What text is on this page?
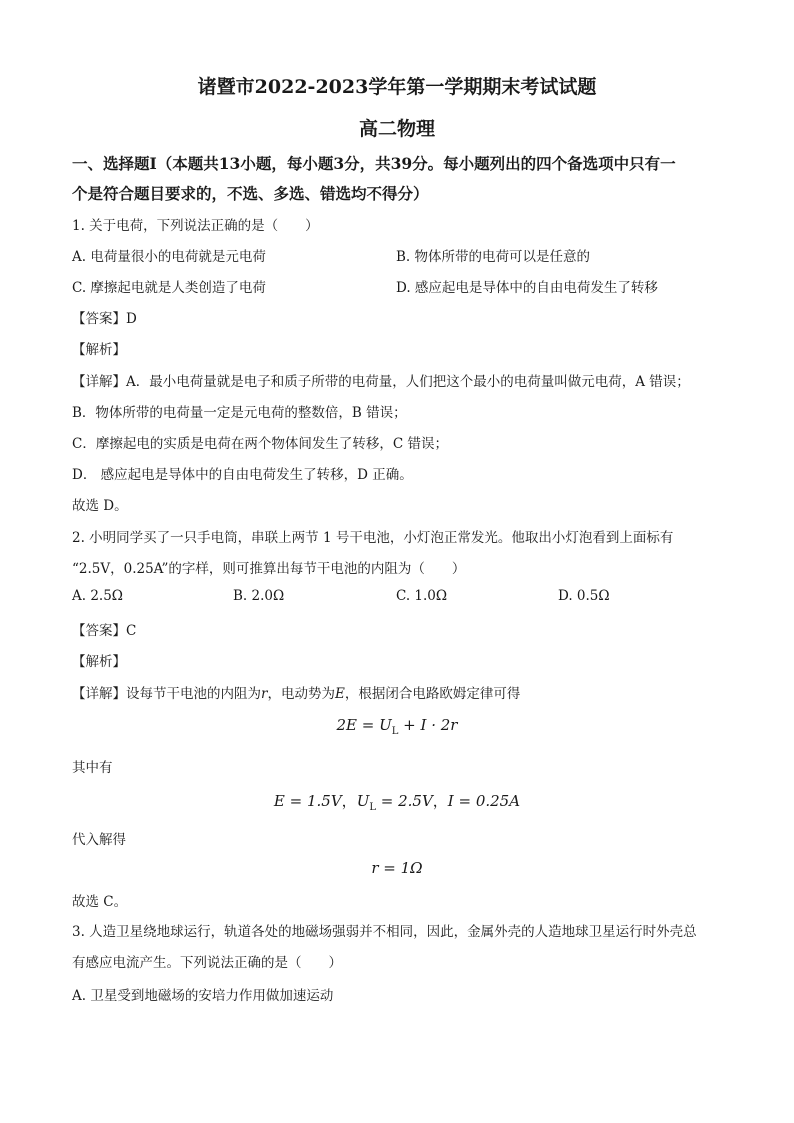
诸暨市2022-2023学年第一学期期末考试试题
高二物理
一、选择题Ⅰ（本题共13小题，每小题3分，共39分。每小题列出的四个备选项中只有一
个是符合题目要求的，不选、多选、错选均不得分）
1. 关于电荷，下列说法正确的是（　　）
A. 电荷量很小的电荷就是元电荷	B. 物体所带的电荷可以是任意的
C. 摩擦起电就是人类创造了电荷	D. 感应起电是导体中的自由电荷发生了转移
【答案】D
【解析】
【详解】A．最小电荷量就是电子和质子所带的电荷量，人们把这个最小的电荷量叫做元电荷，A 错误；
B．物体所带的电荷量一定是元电荷的整数倍，B 错误；
C．摩擦起电的实质是电荷在两个物体间发生了转移，C 错误；
D． 感应起电是导体中的自由电荷发生了转移，D 正确。
故选 D。
2. 小明同学买了一只手电筒，串联上两节 1 号干电池，小灯泡正常发光。他取出小灯泡看到上面标有
“2.5V，0.25A”的字样，则可推算出每节干电池的内阻为（　　）
A. 2.5Ω	B. 2.0Ω	C. 1.0Ω	D. 0.5Ω
【答案】C
【解析】
【详解】设每节干电池的内阻为r，电动势为E，根据闭合电路欧姆定律可得
$2E = U_L + I \cdot 2r$
其中有
E = 1.5V，$U_L = 2.5V$，I = 0.25A
代入解得
r = 1Ω
故选 C。
3. 人造卫星绕地球运行，轨道各处的地磁场强弱并不相同，因此，金属外壳的人造地球卫星运行时外壳总
有感应电流产生。下列说法正确的是（　　）
A. 卫星受到地磁场的安培力作用做加速运动
